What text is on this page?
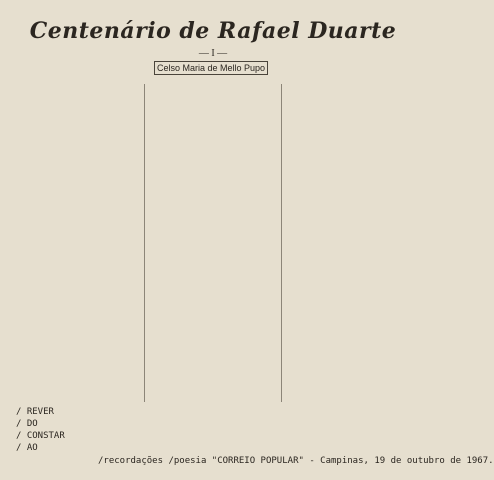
Centenário de Rafael Duarte
— I —
Celso Maria de Mello Pupo

/ REVER
/ DO
/ CONSTAR
/ AO
/recordações /poesia "CORREIO POPULAR" - Campinas, 19 de outubro de 1967.
